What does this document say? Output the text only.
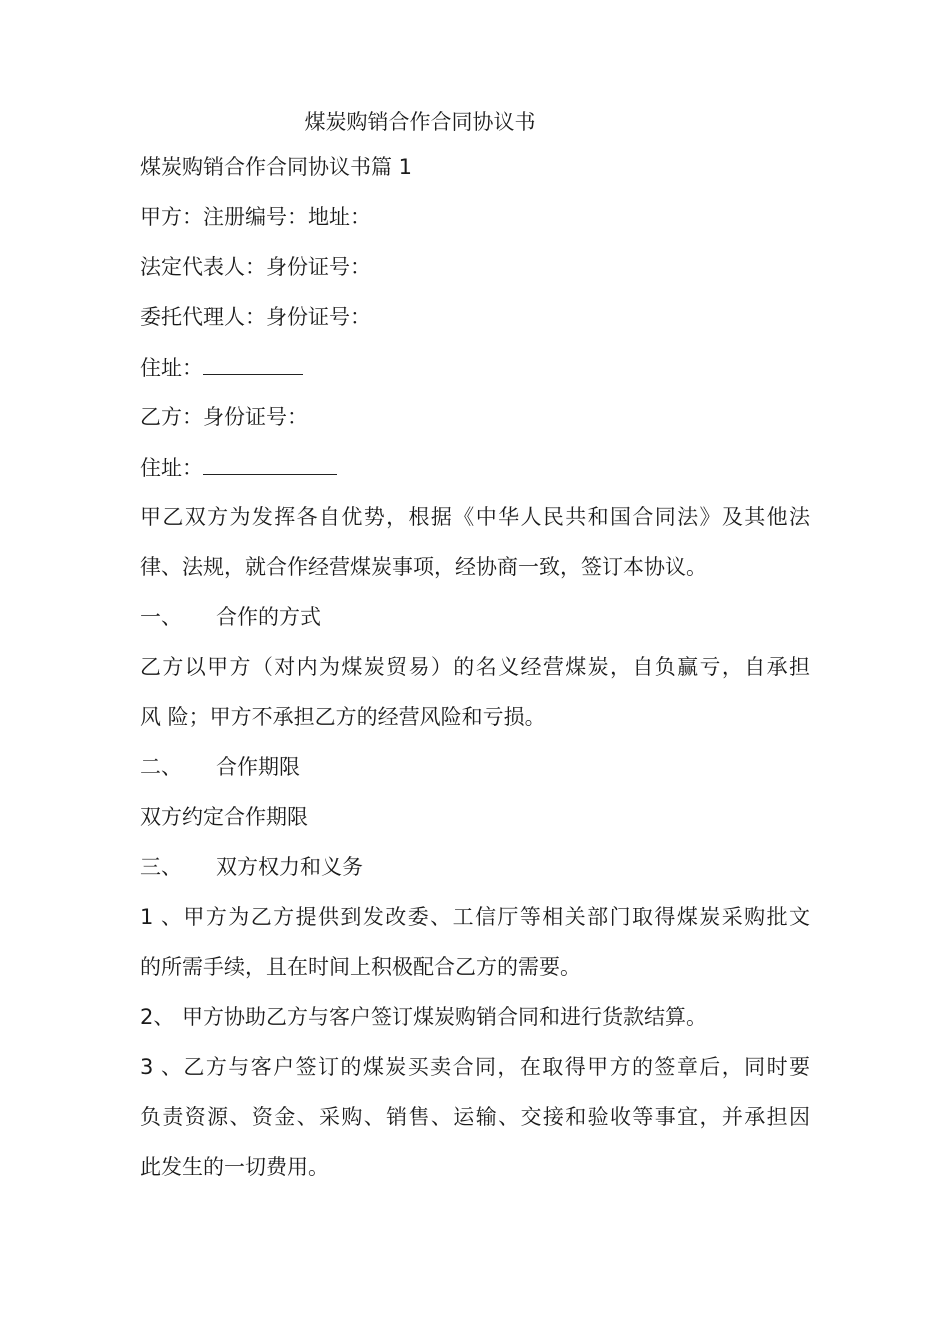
煤炭购销合作合同协议书
煤炭购销合作合同协议书篇 1
甲方：注册编号：地址：
法定代表人：身份证号：
委托代理人：身份证号：
住址：
乙方：身份证号：
住址：
甲乙双方为发挥各自优势，根据《中华人民共和国合同法》及其他法
律、法规，就合作经营煤炭事项，经协商一致，签订本协议。
一、 合作的方式
乙方以甲方（对内为煤炭贸易）的名义经营煤炭，自负赢亏，自承担
风 险；甲方不承担乙方的经营风险和亏损。
二、 合作期限
双方约定合作期限
三、 双方权力和义务
1、甲方为乙方提供到发改委、工信厅等相关部门取得煤炭采购批文
的所需手续，且在时间上积极配合乙方的需要。
2、 甲方协助乙方与客户签订煤炭购销合同和进行货款结算。
3、乙方与客户签订的煤炭买卖合同，在取得甲方的签章后，同时要
负责资源、资金、采购、销售、运输、交接和验收等事宜，并承担因
此发生的一切费用。
